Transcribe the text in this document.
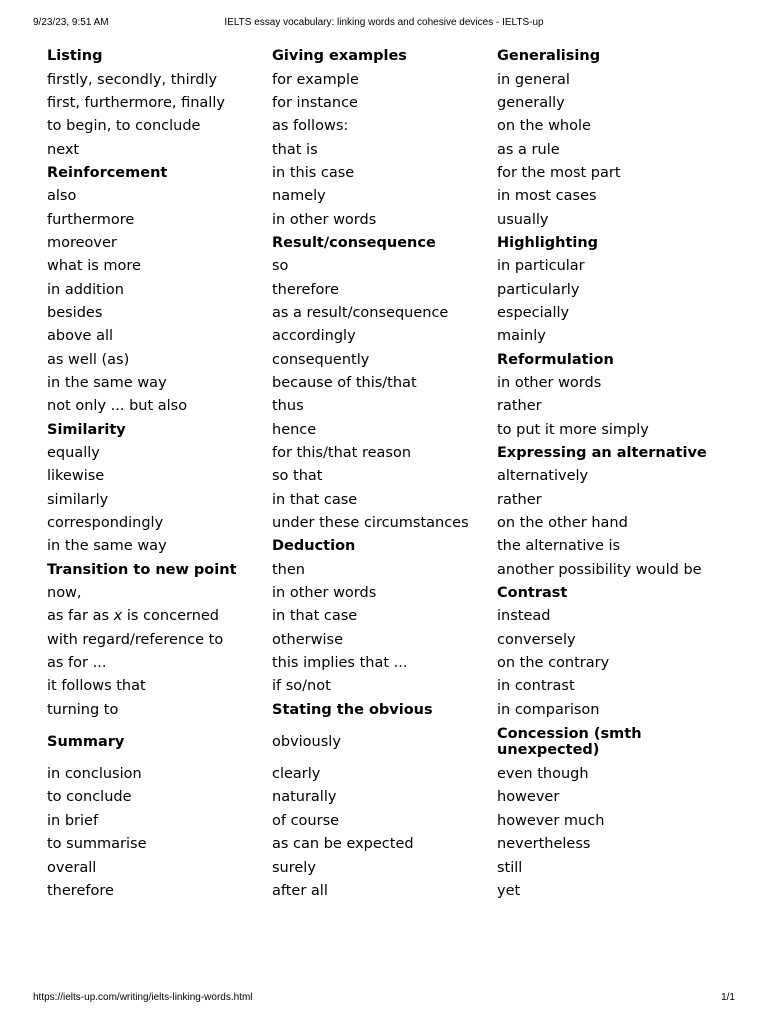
9/23/23, 9:51 AM	IELTS essay vocabulary: linking words and cohesive devices - IELTS-up
Listing	Giving examples	Generalising
firstly, secondly, thirdly	for example	in general
first, furthermore, finally	for instance	generally
to begin, to conclude	as follows:	on the whole
next	that is	as a rule
Reinforcement	in this case	for the most part
also	namely	in most cases
furthermore	in other words	usually
moreover	Result/consequence	Highlighting
what is more	so	in particular
in addition	therefore	particularly
besides	as a result/consequence	especially
above all	accordingly	mainly
as well (as)	consequently	Reformulation
in the same way	because of this/that	in other words
not only ... but also	thus	rather
Similarity	hence	to put it more simply
equally	for this/that reason	Expressing an alternative
likewise	so that	alternatively
similarly	in that case	rather
correspondingly	under these circumstances	on the other hand
in the same way	Deduction	the alternative is
Transition to new point	then	another possibility would be
now,	in other words	Contrast
as far as x is concerned	in that case	instead
with regard/reference to	otherwise	conversely
as for ...	this implies that ...	on the contrary
it follows that	if so/not	in contrast
turning to	Stating the obvious	in comparison
Summary	obviously	Concession (smth unexpected)
in conclusion	clearly	even though
to conclude	naturally	however
in brief	of course	however much
to summarise	as can be expected	nevertheless
overall	surely	still
therefore	after all	yet
https://ielts-up.com/writing/ielts-linking-words.html	1/1
